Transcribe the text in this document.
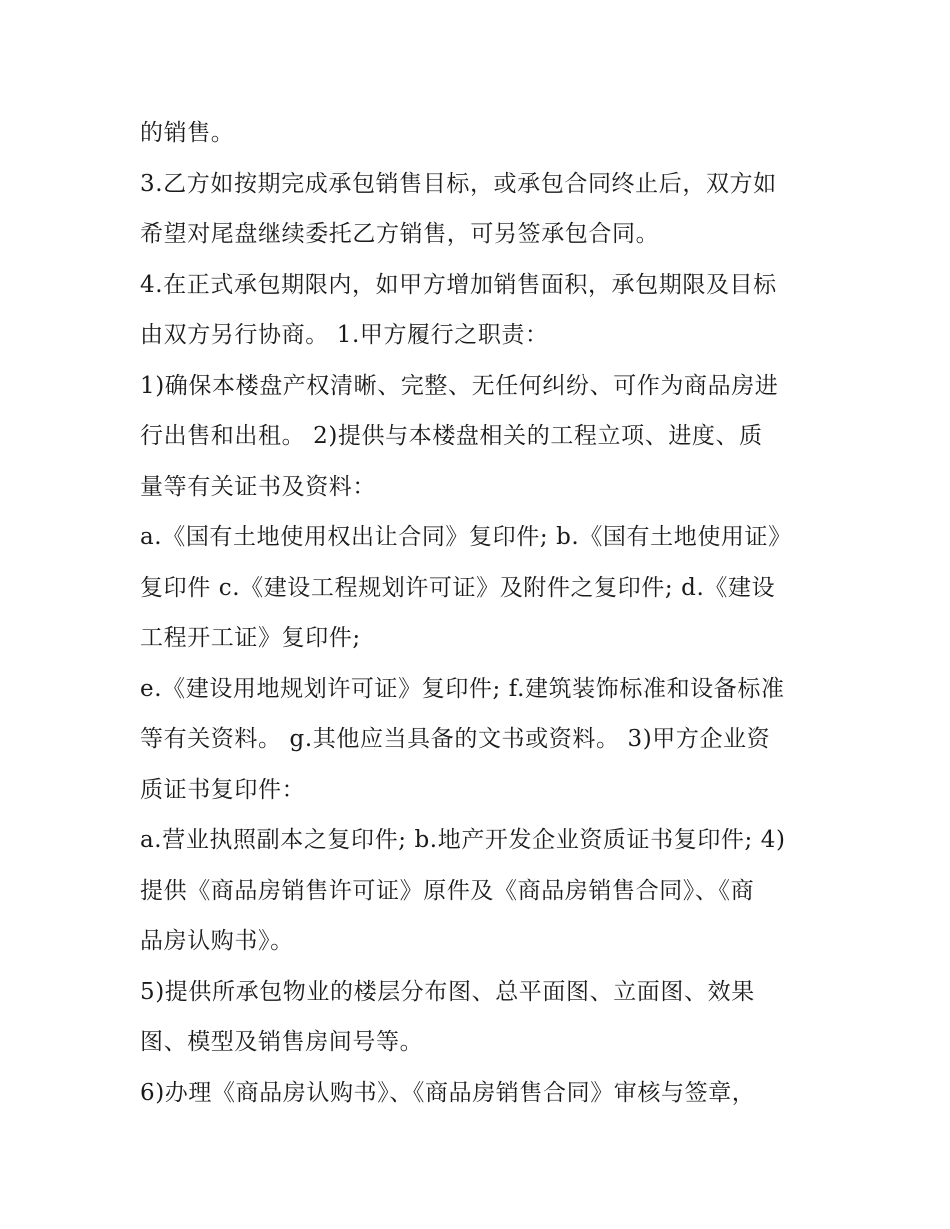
的销售。
3.乙方如按期完成承包销售目标，或承包合同终止后，双方如
希望对尾盘继续委托乙方销售，可另签承包合同。
4.在正式承包期限内，如甲方增加销售面积，承包期限及目标
由双方另行协商。 1.甲方履行之职责：
1)确保本楼盘产权清晰、完整、无任何纠纷、可作为商品房进
行出售和出租。 2)提供与本楼盘相关的工程立项、进度、质
量等有关证书及资料：
a.《国有土地使用权出让合同》复印件; b.《国有土地使用证》
复印件 c.《建设工程规划许可证》及附件之复印件; d.《建设
工程开工证》复印件;
e.《建设用地规划许可证》复印件; f.建筑装饰标准和设备标准
等有关资料。 g.其他应当具备的文书或资料。 3)甲方企业资
质证书复印件：
a.营业执照副本之复印件; b.地产开发企业资质证书复印件; 4)
提供《商品房销售许可证》原件及《商品房销售合同》、《商
品房认购书》。
5)提供所承包物业的楼层分布图、总平面图、立面图、效果
图、模型及销售房间号等。
6)办理《商品房认购书》、《商品房销售合同》审核与签章，
